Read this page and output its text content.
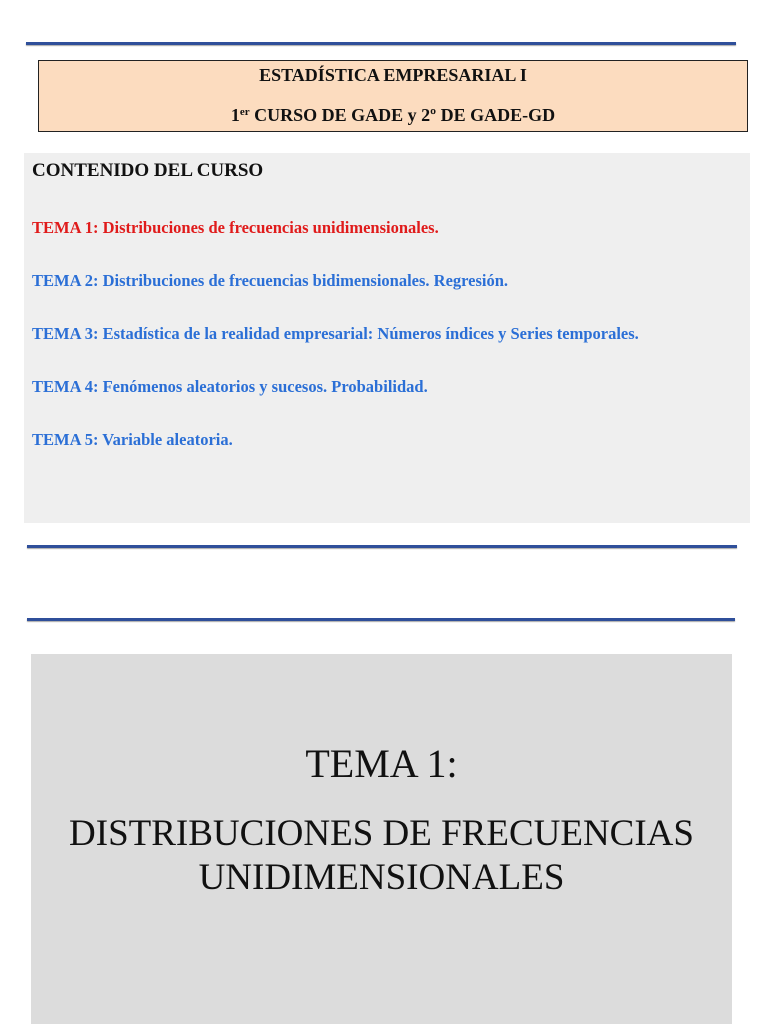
ESTADÍSTICA EMPRESARIAL I
1er CURSO DE GADE y 2º DE GADE-GD
CONTENIDO DEL CURSO
TEMA 1: Distribuciones de frecuencias unidimensionales.
TEMA 2: Distribuciones de frecuencias bidimensionales. Regresión.
TEMA 3: Estadística de la realidad empresarial: Números índices y Series temporales.
TEMA 4: Fenómenos aleatorios y sucesos. Probabilidad.
TEMA 5: Variable aleatoria.
TEMA 1:
DISTRIBUCIONES DE FRECUENCIAS
UNIDIMENSIONALES
